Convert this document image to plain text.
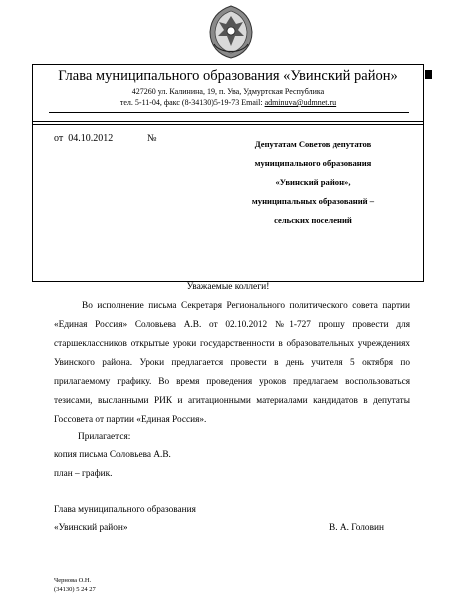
Глава муниципального образования «Увинский район»
427260 ул. Калинина, 19, п. Ува, Удмуртская Республика
тел. 5-11-04, факс (8-34130)5-19-73 Email: adminuva@udmnet.ru
от 04.10.2012	№	Депутатам Советов депутатов
муниципального образования
«Увинский район»,
муниципальных образований –
сельских поселений
Уважаемые коллеги!

Во исполнение письма Секретаря Регионального политического совета партии «Единая Россия» Соловьева А.В. от 02.10.2012 №1-727 прошу провести для старшеклассников открытые уроки государственности в образовательных учреждениях Увинского района. Уроки предлагается провести в день учителя 5 октября по прилагаемому графику. Во время проведения уроков предлагаем воспользоваться тезисами, высланными РИК и агитационными материалами кандидатов в депутаты Госсовета от партии «Единая Россия».

Прилагается:
копия письма Соловьева А.В.
план – график.
Глава муниципального образования
«Увинский район»	В. А. Головин
Чернова О.Н.
(34130) 5 24 27
